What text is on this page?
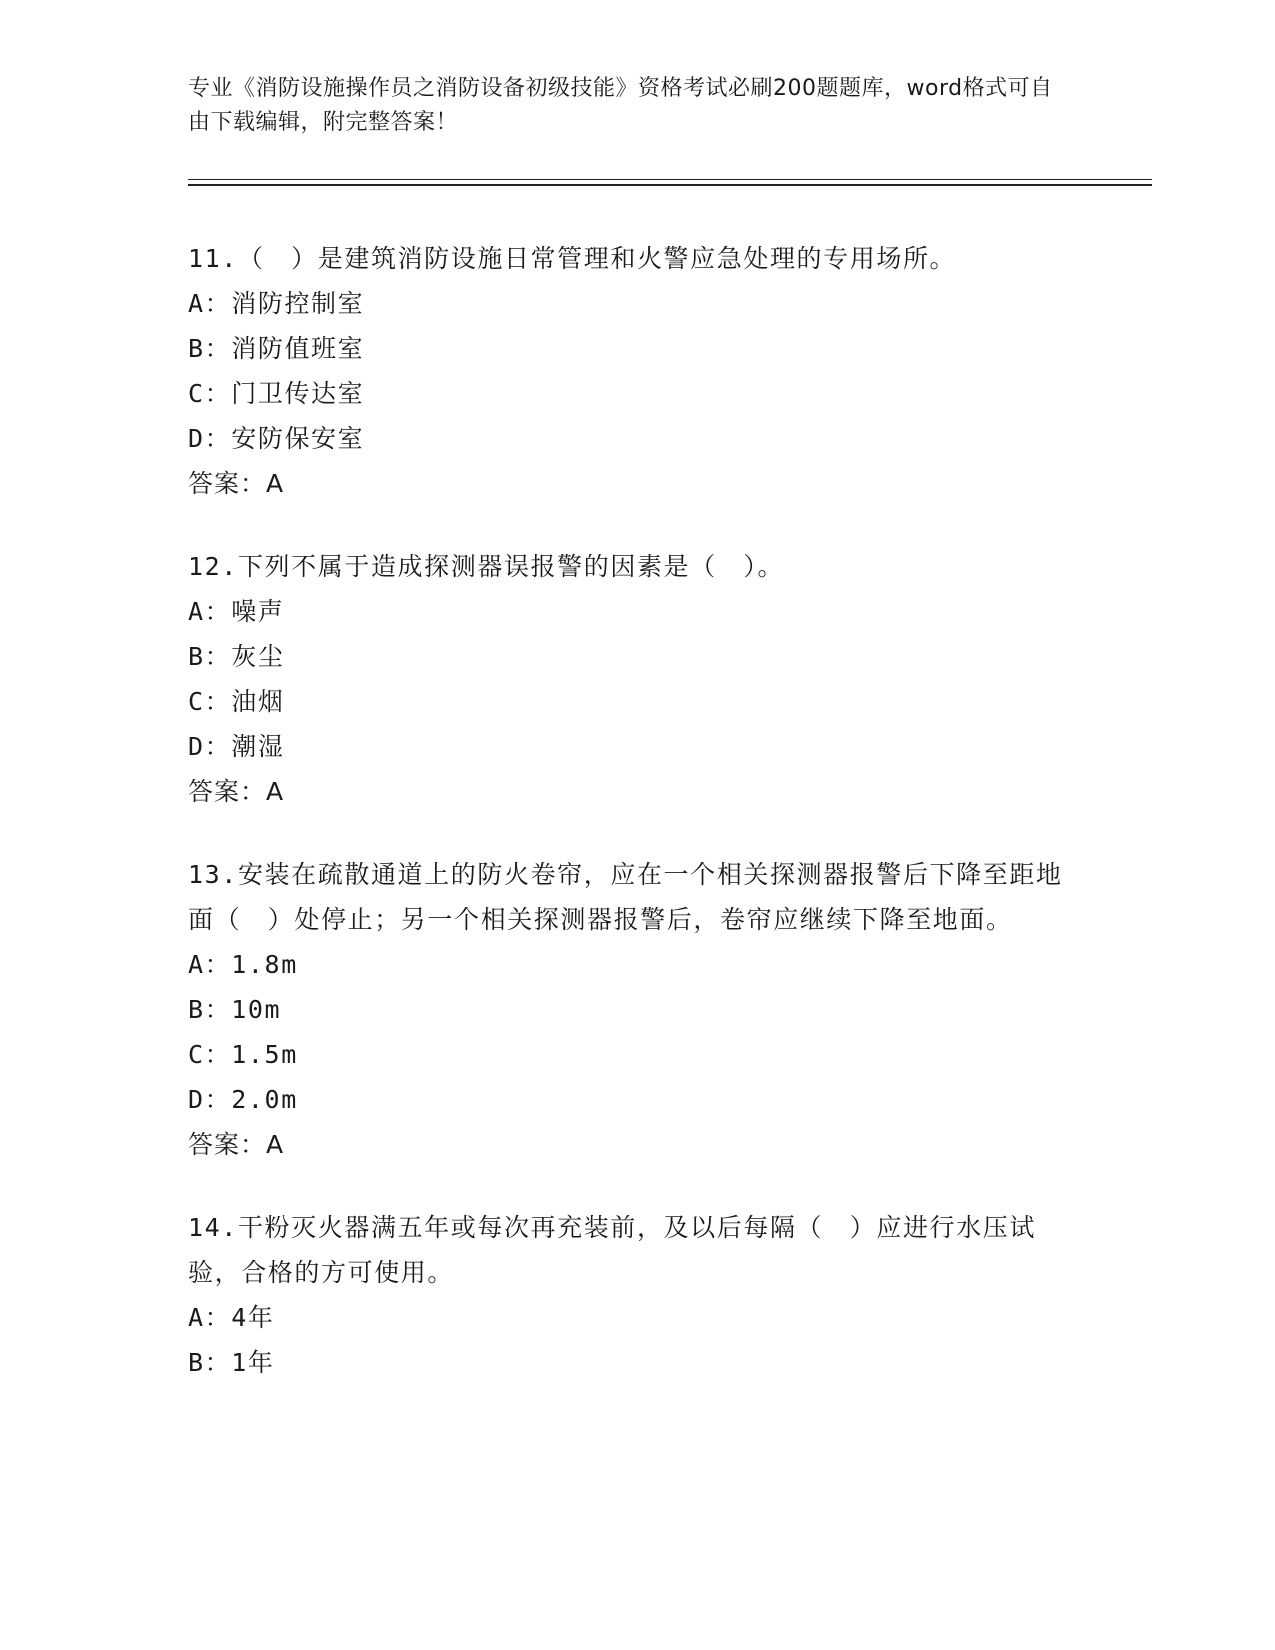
专业《消防设施操作员之消防设备初级技能》资格考试必刷200题题库，word格式可自由下载编辑，附完整答案！

11.（　）是建筑消防设施日常管理和火警应急处理的专用场所。

A：消防控制室

B：消防值班室

C：门卫传达室

D：安防保安室

答案：A

12.下列不属于造成探测器误报警的因素是（　）。

A：噪声

B：灰尘

C：油烟

D：潮湿

答案：A

13.安装在疏散通道上的防火卷帘，应在一个相关探测器报警后下降至距地面（　）处停止；另一个相关探测器报警后，卷帘应继续下降至地面。

A：1.8m

B：10m

C：1.5m

D：2.0m

答案：A

14.干粉灭火器满五年或每次再充装前，及以后每隔（　）应进行水压试验，合格的方可使用。

A：4年

B：1年
